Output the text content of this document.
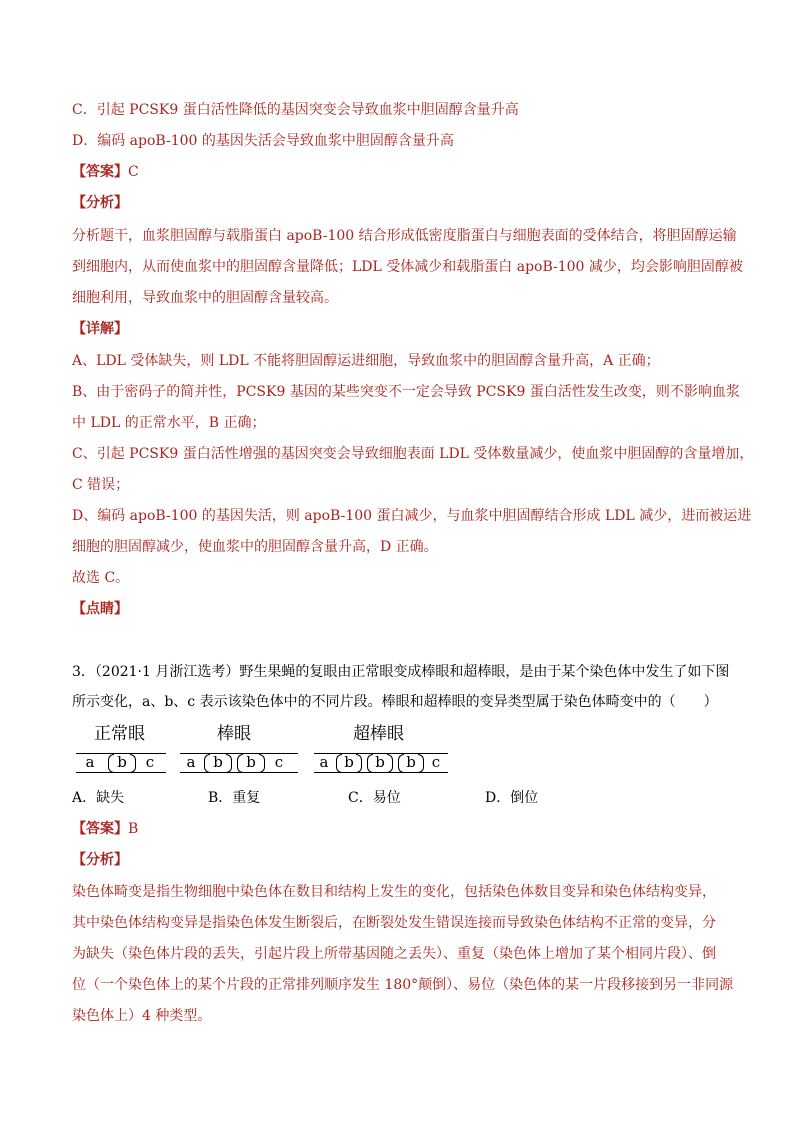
C．引起 PCSK9 蛋白活性降低的基因突变会导致血浆中胆固醇含量升高
D．编码 apoB-100 的基因失活会导致血浆中胆固醇含量升高
【答案】C
【分析】
分析题干，血浆胆固醇与载脂蛋白 apoB-100 结合形成低密度脂蛋白与细胞表面的受体结合，将胆固醇运输
到细胞内，从而使血浆中的胆固醇含量降低；LDL 受体减少和载脂蛋白 apoB-100 减少，均会影响胆固醇被
细胞利用，导致血浆中的胆固醇含量较高。
【详解】
A、LDL 受体缺失，则 LDL 不能将胆固醇运进细胞，导致血浆中的胆固醇含量升高，A 正确；
B、由于密码子的简并性，PCSK9 基因的某些突变不一定会导致 PCSK9 蛋白活性发生改变，则不影响血浆
中 LDL 的正常水平，B 正确；
C、引起 PCSK9 蛋白活性增强的基因突变会导致细胞表面 LDL 受体数量减少，使血浆中胆固醇的含量增加，
C 错误；
D、编码 apoB-100 的基因失活，则 apoB-100 蛋白减少，与血浆中胆固醇结合形成 LDL 减少，进而被运进
细胞的胆固醇减少，使血浆中的胆固醇含量升高，D 正确。
故选 C。
【点睛】
3．（2021·1 月浙江选考）野生果蝇的复眼由正常眼变成棒眼和超棒眼，是由于某个染色体中发生了如下图
所示变化，a、b、c 表示该染色体中的不同片段。棒眼和超棒眼的变异类型属于染色体畸变中的（　　）
正常眼	棒眼	超棒眼
a	b	c a	b	b	c a	b	b	b	c
A．缺失	B．重复	C．易位	D．倒位
【答案】B
【分析】
染色体畸变是指生物细胞中染色体在数目和结构上发生的变化，包括染色体数目变异和染色体结构变异，
其中染色体结构变异是指染色体发生断裂后，在断裂处发生错误连接而导致染色体结构不正常的变异，分
为缺失（染色体片段的丢失，引起片段上所带基因随之丢失）、重复（染色体上增加了某个相同片段）、倒
位（一个染色体上的某个片段的正常排列顺序发生 180°颠倒）、易位（染色体的某一片段移接到另一非同源
染色体上）4 种类型。
